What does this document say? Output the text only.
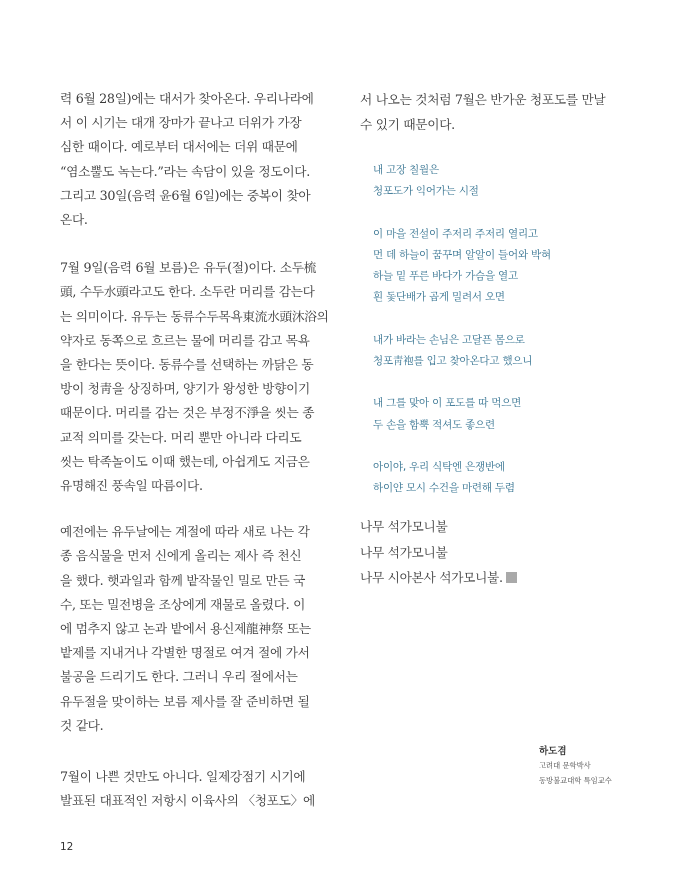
력 6월 28일)에는 대서가 찾아온다. 우리나라에

서 이 시기는 대개 장마가 끝나고 더위가 가장

심한 때이다. 예로부터 대서에는 더위 때문에

“염소뿔도 녹는다.”라는 속담이 있을 정도이다.

그리고 30일(음력 윤6월 6일)에는 중복이 찾아

온다.

7월 9일(음력 6월 보름)은 유두(절)이다. 소두梳

頭, 수두水頭라고도 한다. 소두란 머리를 감는다

는 의미이다. 유두는 동류수두목욕東流水頭沐浴의

약자로 동쪽으로 흐르는 물에 머리를 감고 목욕

을 한다는 뜻이다. 동류수를 선택하는 까닭은 동

방이 청靑을 상징하며, 양기가 왕성한 방향이기

때문이다. 머리를 감는 것은 부정不淨을 씻는 종

교적 의미를 갖는다. 머리 뿐만 아니라 다리도

씻는 탁족놀이도 이때 했는데, 아쉽게도 지금은

유명해진 풍속일 따름이다.

예전에는 유두날에는 계절에 따라 새로 나는 각

종 음식물을 먼저 신에게 올리는 제사 즉 천신

을 했다. 햇과일과 함께 밭작물인 밀로 만든 국

수, 또는 밀전병을 조상에게 재물로 올렸다. 이

에 멈추지 않고 논과 밭에서 용신제龍神祭 또는

밭제를 지내거나 각별한 명절로 여겨 절에 가서

불공을 드리기도 한다. 그러니 우리 절에서는

유두절을 맞이하는 보름 제사를 잘 준비하면 될

것 같다.

7월이 나쁜 것만도 아니다. 일제강점기 시기에

발표된 대표적인 저항시 이육사의 〈청포도〉에

서 나오는 것처럼 7월은 반가운 청포도를 만날

수 있기 때문이다.

내 고장 칠월은

청포도가 익어가는 시절

이 마을 전설이 주저리 주저리 열리고

먼 데 하늘이 꿈꾸며 알알이 들어와 박혀

하늘 밑 푸른 바다가 가슴을 열고

흰 돛단배가 곱게 밀려서 오면

내가 바라는 손님은 고달픈 몸으로

청포靑袍를 입고 찾아온다고 했으니

내 그를 맞아 이 포도를 따 먹으면

두 손을 함뿍 적셔도 좋으련

아이야, 우리 식탁엔 은쟁반에

하이얀 모시 수건을 마련해 두렴

나무 석가모니불

나무 석가모니불

나무 시아본사 석가모니불.

하도겸

고려대 문학박사

동방불교대학 특임교수

12
